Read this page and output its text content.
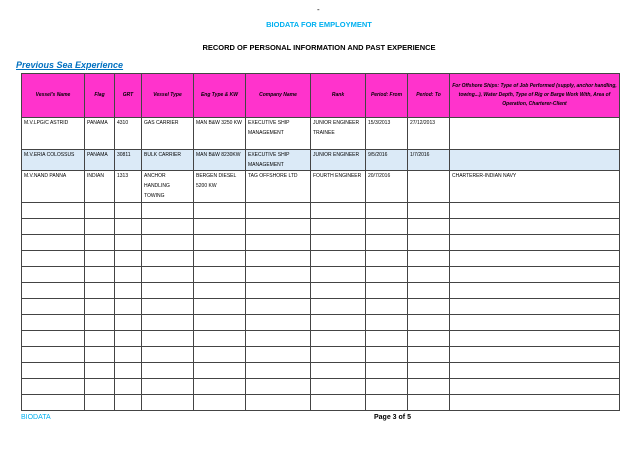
-
BIODATA FOR EMPLOYMENT
RECORD OF PERSONAL INFORMATION AND PAST EXPERIENCE
Previous Sea Experience
Vessel's Name	Flag	GRT	Vessel Type	Eng Type & KW	Company Name	Rank	Period: From	Period: To	For Offshore Ships: Type of Job Performed (supply, anchor handling, towing...), Water Depth, Type of Rig or Barge Work With, Area of Operation, Charterer-Client
M.V.LPG/C ASTRID	PANAMA	4310	GAS CARRIER	MAN B&W 3250 KW	EXECUTIVE SHIP MANAGEMENT	JUNIOR ENGINEER TRAINEE	15/3/2013	27/12/2013	
M.V.ERIA COLOSSUS	PANAMA	30811	BULK CARRIER	MAN B&W 8230KW	EXECUTIVE SHIP MANAGEMENT	JUNIOR ENGINEER	9/5/2016	1/7/2016	
M.V.NAND PANNA	INDIAN	1313	ANCHOR HANDLING TOWING	BERGEN DIESEL 5200 KW	TAG OFFSHORE LTD	FOURTH ENGINEER	20/7/2016		CHARTERER-INDIAN NAVY

BIODATA	Page 3 of 5
